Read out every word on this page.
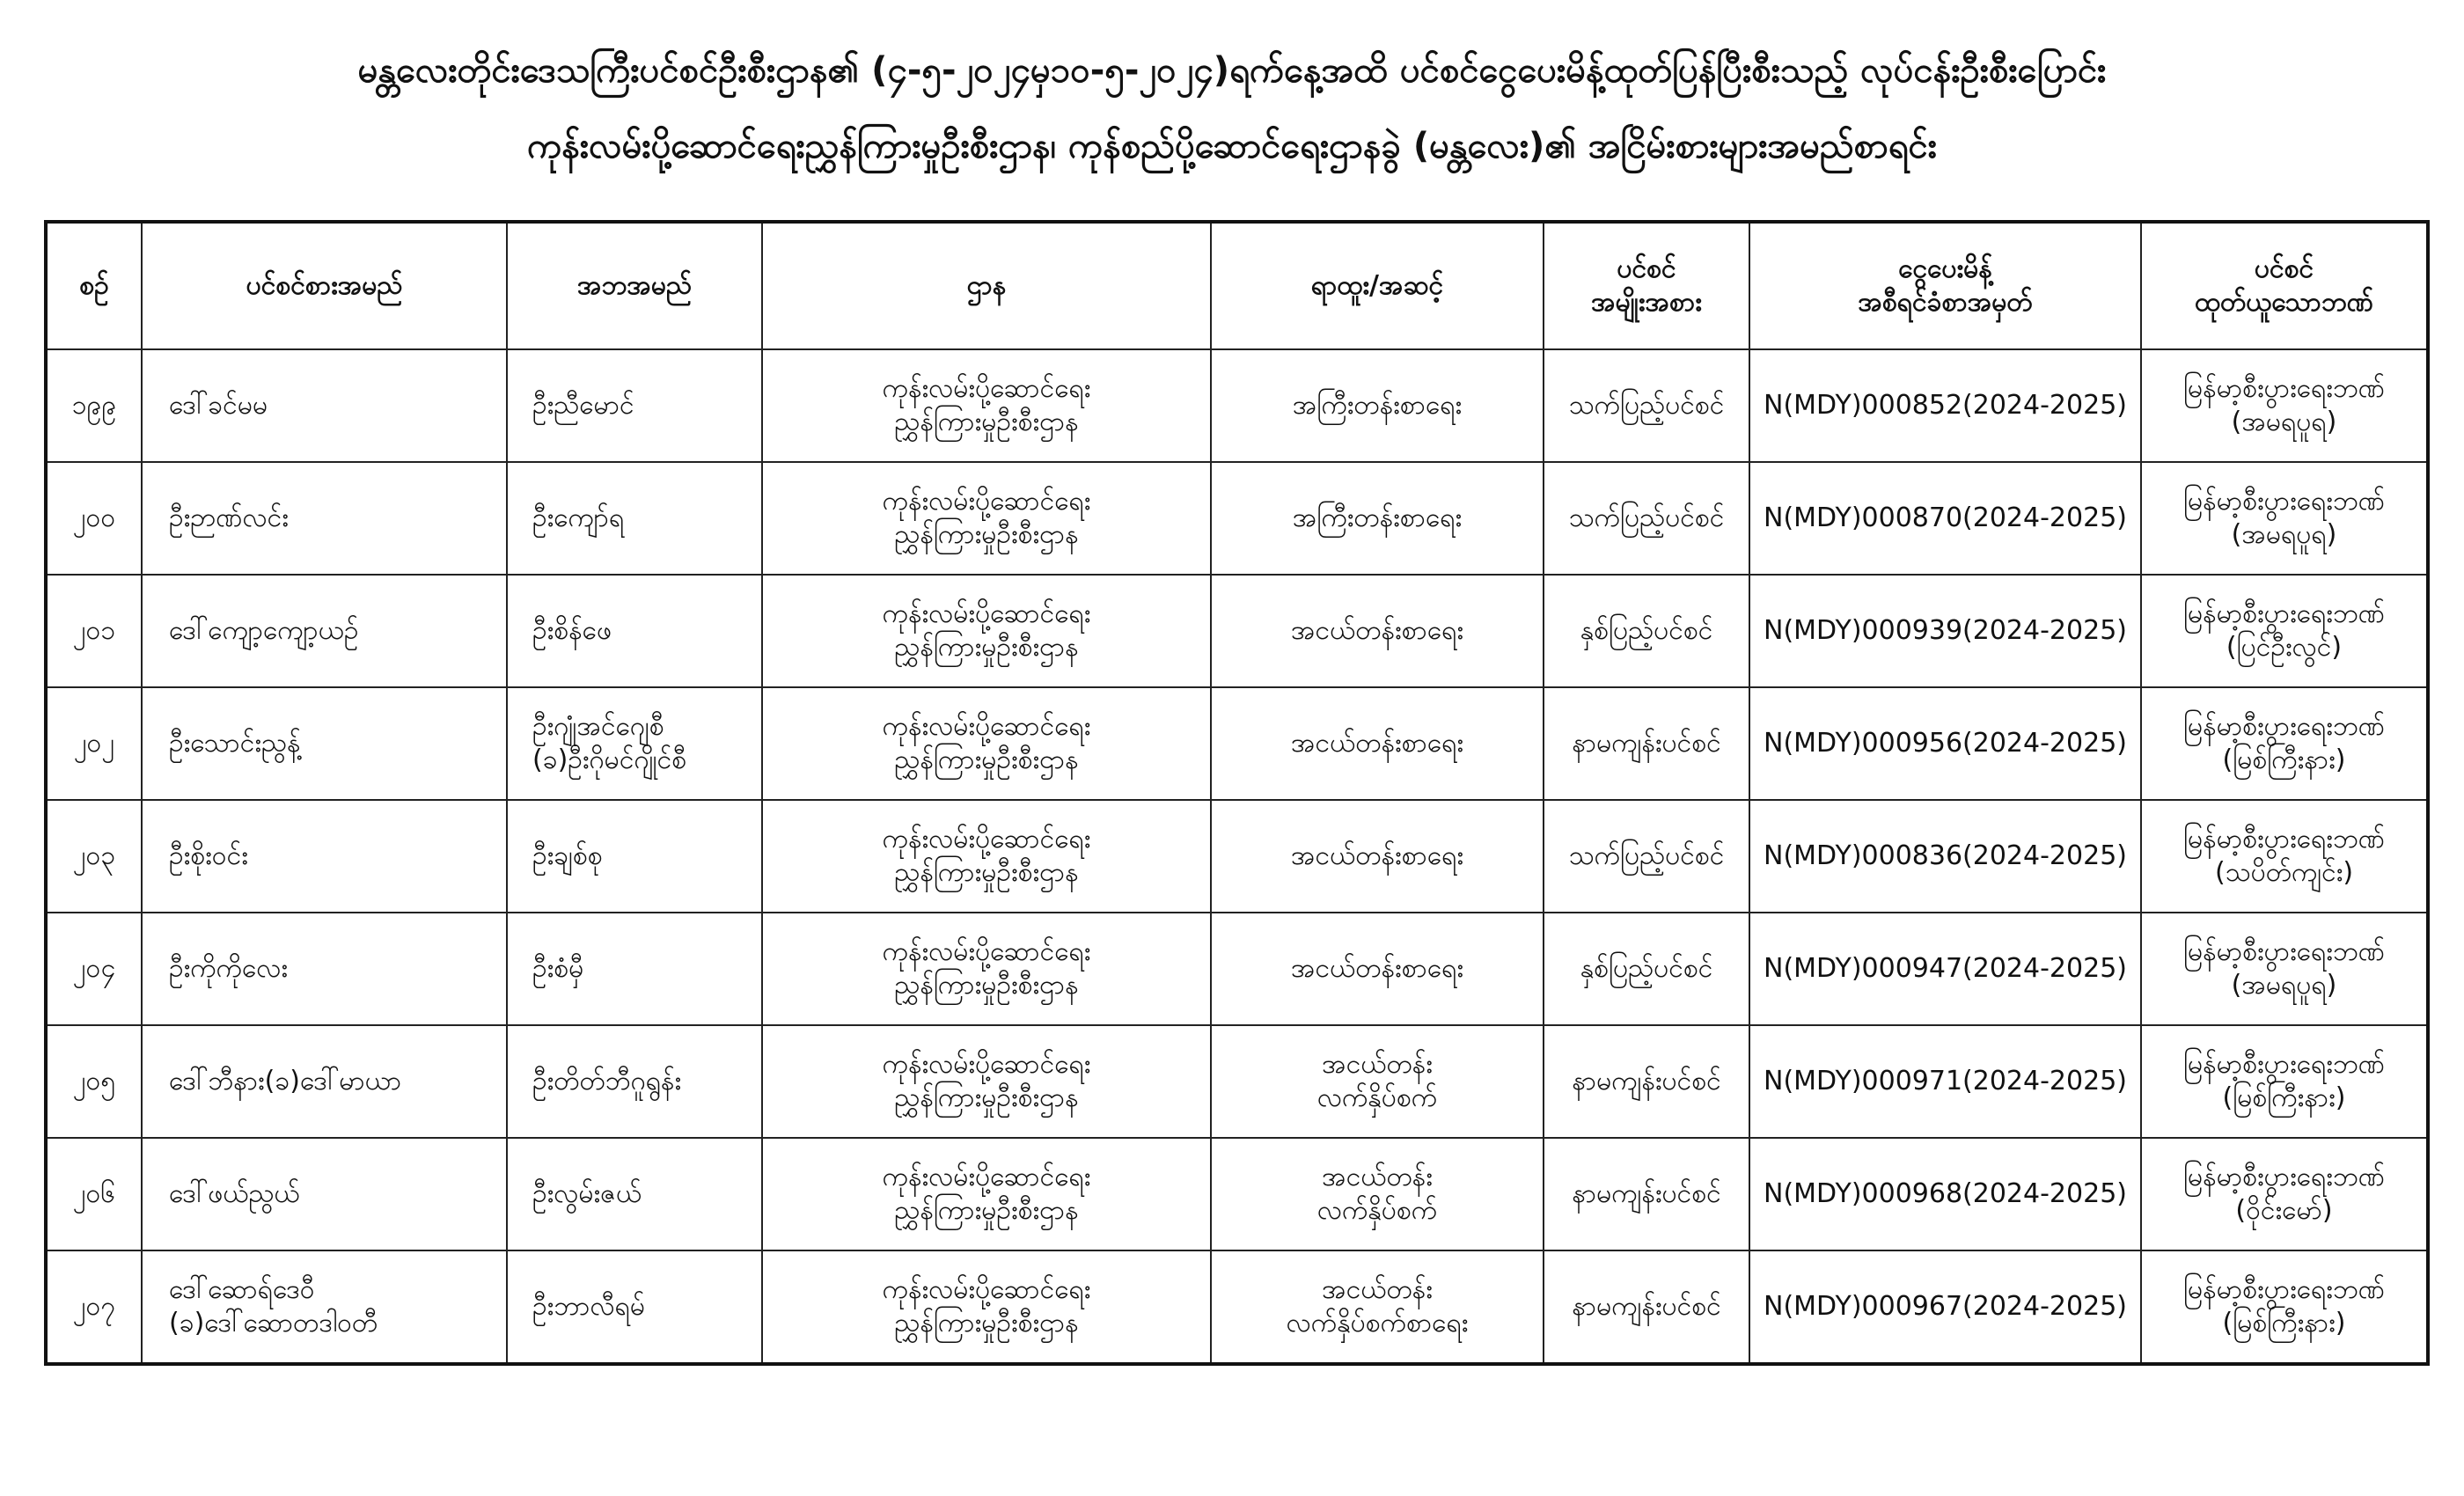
မန္တလေးတိုင်းဒေသကြီးပင်စင်ဦးစီးဌာန၏ (၄-၅-၂၀၂၄မှ၁၀-၅-၂၀၂၄)ရက်နေ့အထိ ပင်စင်ငွေပေးမိန့်ထုတ်ပြန်ပြီးစီးသည့် လုပ်ငန်းဦးစီးပြောင်း
ကုန်းလမ်းပို့ဆောင်ရေးညွှန်ကြားမှုဦးစီးဌာန၊ ကုန်စည်ပို့ဆောင်ရေးဌာနခွဲ (မန္တလေး)၏ အငြိမ်းစားများအမည်စာရင်း
စဉ်	ပင်စင်စားအမည်	အဘအမည်	ဌာန	ရာထူး/အဆင့်	ပင်စင်
အမျိုးအစား	ငွေပေးမိန့်
အစီရင်ခံစာအမှတ်	ပင်စင်
ထုတ်ယူသောဘဏ်

၁၉၉	ဒေါ်ခင်မမ	ဦးညီမောင်	ကုန်းလမ်းပို့ဆောင်ရေး
ညွှန်ကြားမှုဦးစီးဌာန	အကြီးတန်းစာရေး	သက်ပြည့်ပင်စင်	N(MDY)000852(2024-2025)	မြန်မာ့စီးပွားရေးဘဏ်
(အမရပူရ)

၂၀၀	ဦးဉာဏ်လင်း	ဦးကျော်ရ	ကုန်းလမ်းပို့ဆောင်ရေး
ညွှန်ကြားမှုဦးစီးဌာန	အကြီးတန်းစာရေး	သက်ပြည့်ပင်စင်	N(MDY)000870(2024-2025)	မြန်မာ့စီးပွားရေးဘဏ်
(အမရပူရ)

၂၀၁	ဒေါ်ကျော့ကျော့ယဉ်	ဦးစိန်ဖေ	ကုန်းလမ်းပို့ဆောင်ရေး
ညွှန်ကြားမှုဦးစီးဌာန	အငယ်တန်းစာရေး	နှစ်ပြည့်ပင်စင်	N(MDY)000939(2024-2025)	မြန်မာ့စီးပွားရေးဘဏ်
(ပြင်ဦးလွင်)

၂၀၂	ဦးသောင်းညွန့်	ဦးဂျုံအင်ဂျေစီ
(ခ)ဦးဂိုမင်ဂျိုင်စီ	ကုန်းလမ်းပို့ဆောင်ရေး
ညွှန်ကြားမှုဦးစီးဌာန	အငယ်တန်းစာရေး	နာမကျန်းပင်စင်	N(MDY)000956(2024-2025)	မြန်မာ့စီးပွားရေးဘဏ်
(မြစ်ကြီးနား)

၂၀၃	ဦးစိုးဝင်း	ဦးချစ်စု	ကုန်းလမ်းပို့ဆောင်ရေး
ညွှန်ကြားမှုဦးစီးဌာန	အငယ်တန်းစာရေး	သက်ပြည့်ပင်စင်	N(MDY)000836(2024-2025)	မြန်မာ့စီးပွားရေးဘဏ်
(သပိတ်ကျင်း)

၂၀၄	ဦးကိုကိုလေး	ဦးစံမှီ	ကုန်းလမ်းပို့ဆောင်ရေး
ညွှန်ကြားမှုဦးစီးဌာန	အငယ်တန်းစာရေး	နှစ်ပြည့်ပင်စင်	N(MDY)000947(2024-2025)	မြန်မာ့စီးပွားရေးဘဏ်
(အမရပူရ)

၂၀၅	ဒေါ်ဘီနား(ခ)ဒေါ်မာယာ	ဦးတိတ်ဘီဂူရွန်း	ကုန်းလမ်းပို့ဆောင်ရေး
ညွှန်ကြားမှုဦးစီးဌာန	အငယ်တန်း
လက်နှိပ်စက်	နာမကျန်းပင်စင်	N(MDY)000971(2024-2025)	မြန်မာ့စီးပွားရေးဘဏ်
(မြစ်ကြီးနား)

၂၀၆	ဒေါ်ဖယ်ညွယ်	ဦးလွမ်းဇယ်	ကုန်းလမ်းပို့ဆောင်ရေး
ညွှန်ကြားမှုဦးစီးဌာန	အငယ်တန်း
လက်နှိပ်စက်	နာမကျန်းပင်စင်	N(MDY)000968(2024-2025)	မြန်မာ့စီးပွားရေးဘဏ်
(ဝိုင်းမော်)

၂၀၇	ဒေါ်ဆောရ်ဒေဝီ
(ခ)ဒေါ်ဆောတဒါဝတီ	ဦးဘာလီရမ်	ကုန်းလမ်းပို့ဆောင်ရေး
ညွှန်ကြားမှုဦးစီးဌာန	အငယ်တန်း
လက်နှိပ်စက်စာရေး	နာမကျန်းပင်စင်	N(MDY)000967(2024-2025)	မြန်မာ့စီးပွားရေးဘဏ်
(မြစ်ကြီးနား)
